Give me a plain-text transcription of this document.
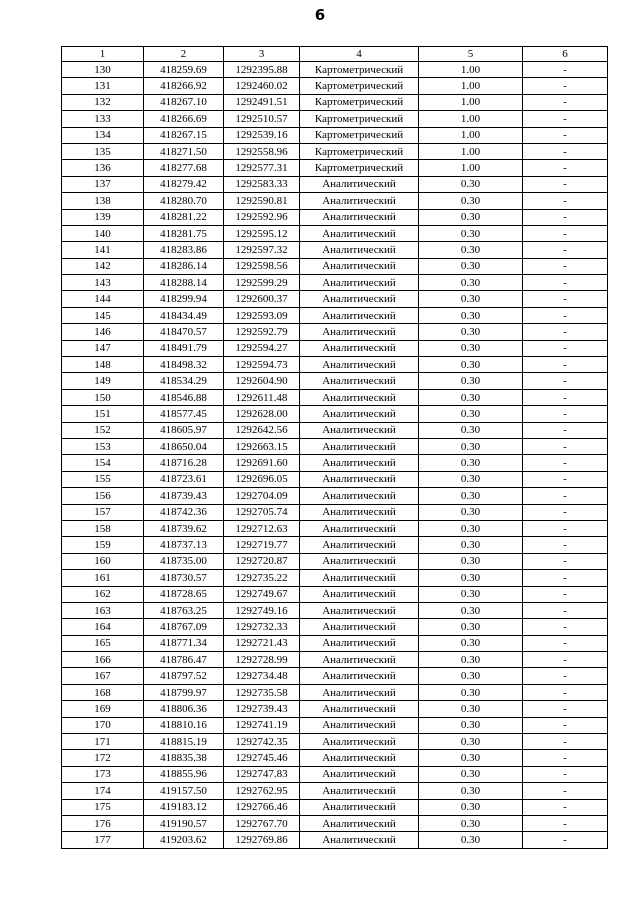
6
1	2	3	4	5	6
130	418259.69	1292395.88	Картометрический	1.00	-
131	418266.92	1292460.02	Картометрический	1.00	-
132	418267.10	1292491.51	Картометрический	1.00	-
133	418266.69	1292510.57	Картометрический	1.00	-
134	418267.15	1292539.16	Картометрический	1.00	-
135	418271.50	1292558.96	Картометрический	1.00	-
136	418277.68	1292577.31	Картометрический	1.00	-
137	418279.42	1292583.33	Аналитический	0.30	-
138	418280.70	1292590.81	Аналитический	0.30	-
139	418281.22	1292592.96	Аналитический	0.30	-
140	418281.75	1292595.12	Аналитический	0.30	-
141	418283.86	1292597.32	Аналитический	0.30	-
142	418286.14	1292598.56	Аналитический	0.30	-
143	418288.14	1292599.29	Аналитический	0.30	-
144	418299.94	1292600.37	Аналитический	0.30	-
145	418434.49	1292593.09	Аналитический	0.30	-
146	418470.57	1292592.79	Аналитический	0.30	-
147	418491.79	1292594.27	Аналитический	0.30	-
148	418498.32	1292594.73	Аналитический	0.30	-
149	418534.29	1292604.90	Аналитический	0.30	-
150	418546.88	1292611.48	Аналитический	0.30	-
151	418577.45	1292628.00	Аналитический	0.30	-
152	418605.97	1292642.56	Аналитический	0.30	-
153	418650.04	1292663.15	Аналитический	0.30	-
154	418716.28	1292691.60	Аналитический	0.30	-
155	418723.61	1292696.05	Аналитический	0.30	-
156	418739.43	1292704.09	Аналитический	0.30	-
157	418742.36	1292705.74	Аналитический	0.30	-
158	418739.62	1292712.63	Аналитический	0.30	-
159	418737.13	1292719.77	Аналитический	0.30	-
160	418735.00	1292720.87	Аналитический	0.30	-
161	418730.57	1292735.22	Аналитический	0.30	-
162	418728.65	1292749.67	Аналитический	0.30	-
163	418763.25	1292749.16	Аналитический	0.30	-
164	418767.09	1292732.33	Аналитический	0.30	-
165	418771.34	1292721.43	Аналитический	0.30	-
166	418786.47	1292728.99	Аналитический	0.30	-
167	418797.52	1292734.48	Аналитический	0.30	-
168	418799.97	1292735.58	Аналитический	0.30	-
169	418806.36	1292739.43	Аналитический	0.30	-
170	418810.16	1292741.19	Аналитический	0.30	-
171	418815.19	1292742.35	Аналитический	0.30	-
172	418835.38	1292745.46	Аналитический	0.30	-
173	418855.96	1292747.83	Аналитический	0.30	-
174	419157.50	1292762.95	Аналитический	0.30	-
175	419183.12	1292766.46	Аналитический	0.30	-
176	419190.57	1292767.70	Аналитический	0.30	-
177	419203.62	1292769.86	Аналитический	0.30	-
